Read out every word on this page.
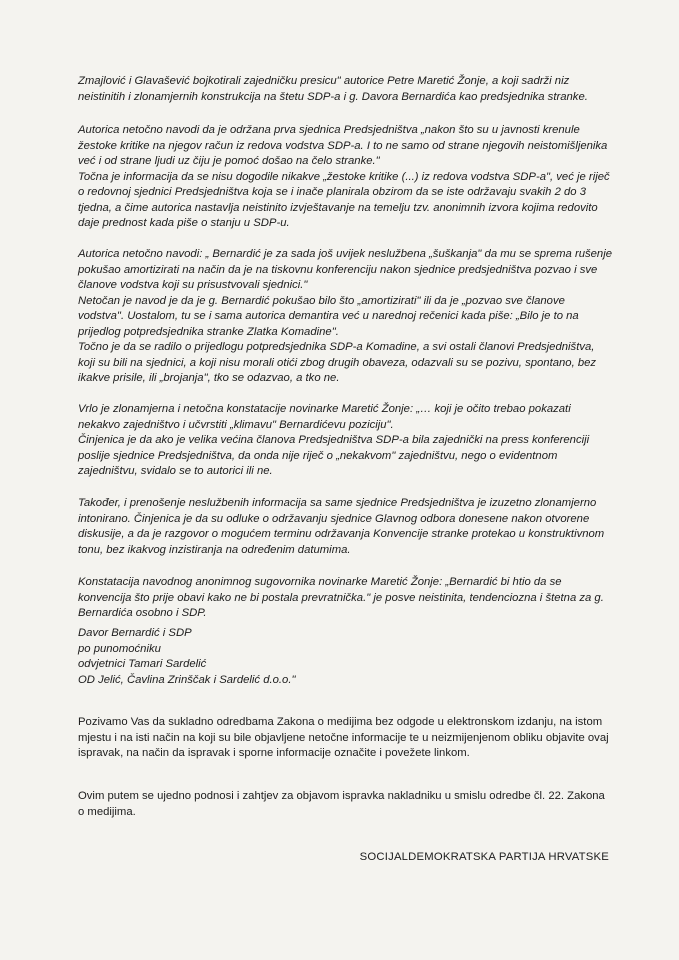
Zmajlović i Glavašević bojkotirali zajedničku presicu" autorice Petre Maretić Žonje, a koji sadrži niz neistinitih i zlonamjernih konstrukcija na štetu SDP-a i g. Davora Bernardića kao predsjednika stranke.

Autorica netočno navodi da je održana prva sjednica Predsjedništva „nakon što su u javnosti krenule žestoke kritike na njegov račun iz redova vodstva SDP-a. I to ne samo od strane njegovih neistomišljenika već i od strane ljudi uz čiju je pomoć došao na čelo stranke."

Točna je informacija da se nisu dogodile nikakve „žestoke kritike (...) iz redova vodstva SDP-a", već je riječ o redovnoj sjednici Predsjedništva koja se i inače planirala obzirom da se iste održavaju svakih 2 do 3 tjedna, a čime autorica nastavlja neistinito izvještavanje na temelju tzv. anonimnih izvora kojima redovito daje prednost kada piše o stanju u SDP-u.

Autorica netočno navodi: „ Bernardić je za sada još uvijek neslužbena „šuškanja" da mu se sprema rušenje pokušao amortizirati na način da je na tiskovnu konferenciju nakon sjednice predsjedništva pozvao i sve članove vodstva koji su prisustvovali sjednici."

Netočan je navod je da je g. Bernardić pokušao bilo što „amortizirati" ili da je „pozvao sve članove vodstva". Uostalom, tu se i sama autorica demantira već u narednoj rečenici kada piše: „Bilo je to na prijedlog potpredsjednika stranke Zlatka Komadine".

Točno je da se radilo o prijedlogu potpredsjednika SDP-a Komadine, a svi ostali članovi Predsjedništva, koji su bili na sjednici, a koji nisu morali otići zbog drugih obaveza, odazvali su se pozivu, spontano, bez ikakve prisile, ili „brojanja", tko se odazvao, a tko ne.

Vrlo je zlonamjerna i netočna konstatacije novinarke Maretić Žonje: „… koji je očito trebao pokazati nekakvo zajedništvo i učvrstiti „klimavu" Bernardićevu poziciju".

Činjenica je da ako je velika većina članova Predsjedništva SDP-a bila zajednički na press konferenciji poslije sjednice Predsjedništva, da onda nije riječ o „nekakvom" zajedništvu, nego o evidentnom zajedništvu, svidalo se to autorici ili ne.

Također, i prenošenje neslužbenih informacija sa same sjednice Predsjedništva je izuzetno zlonamjerno intonirano. Činjenica je da su odluke o održavanju sjednice Glavnog odbora donesene nakon otvorene diskusije, a da je razgovor o mogućem terminu održavanja Konvencije stranke protekao u konstruktivnom tonu, bez ikakvog inzistiranja na određenim datumima.

Konstatacija navodnog anonimnog sugovornika novinarke Maretić Žonje: „Bernardić bi htio da se konvencija što prije obavi kako ne bi postala prevratnička." je posve neistinita, tendenciozna i štetna za g. Bernardića osobno i SDP.

Davor Bernardić i SDP

po punomoćniku

odvjetnici Tamari Sardelić

OD Jelić, Čavlina Zrinščak i Sardelić d.o.o."

Pozivamo Vas da sukladno odredbama Zakona o medijima bez odgode u elektronskom izdanju, na istom mjestu i na isti način na koji su bile objavljene netočne informacije te u neizmijenjenom obliku objavite ovaj ispravak, na način da ispravak i sporne informacije označite i povežete linkom.

Ovim putem se ujedno podnosi i zahtjev za objavom ispravka nakladniku u smislu odredbe čl. 22. Zakona o medijima.

SOCIJALDEMOKRATSKA PARTIJA HRVATSKE
